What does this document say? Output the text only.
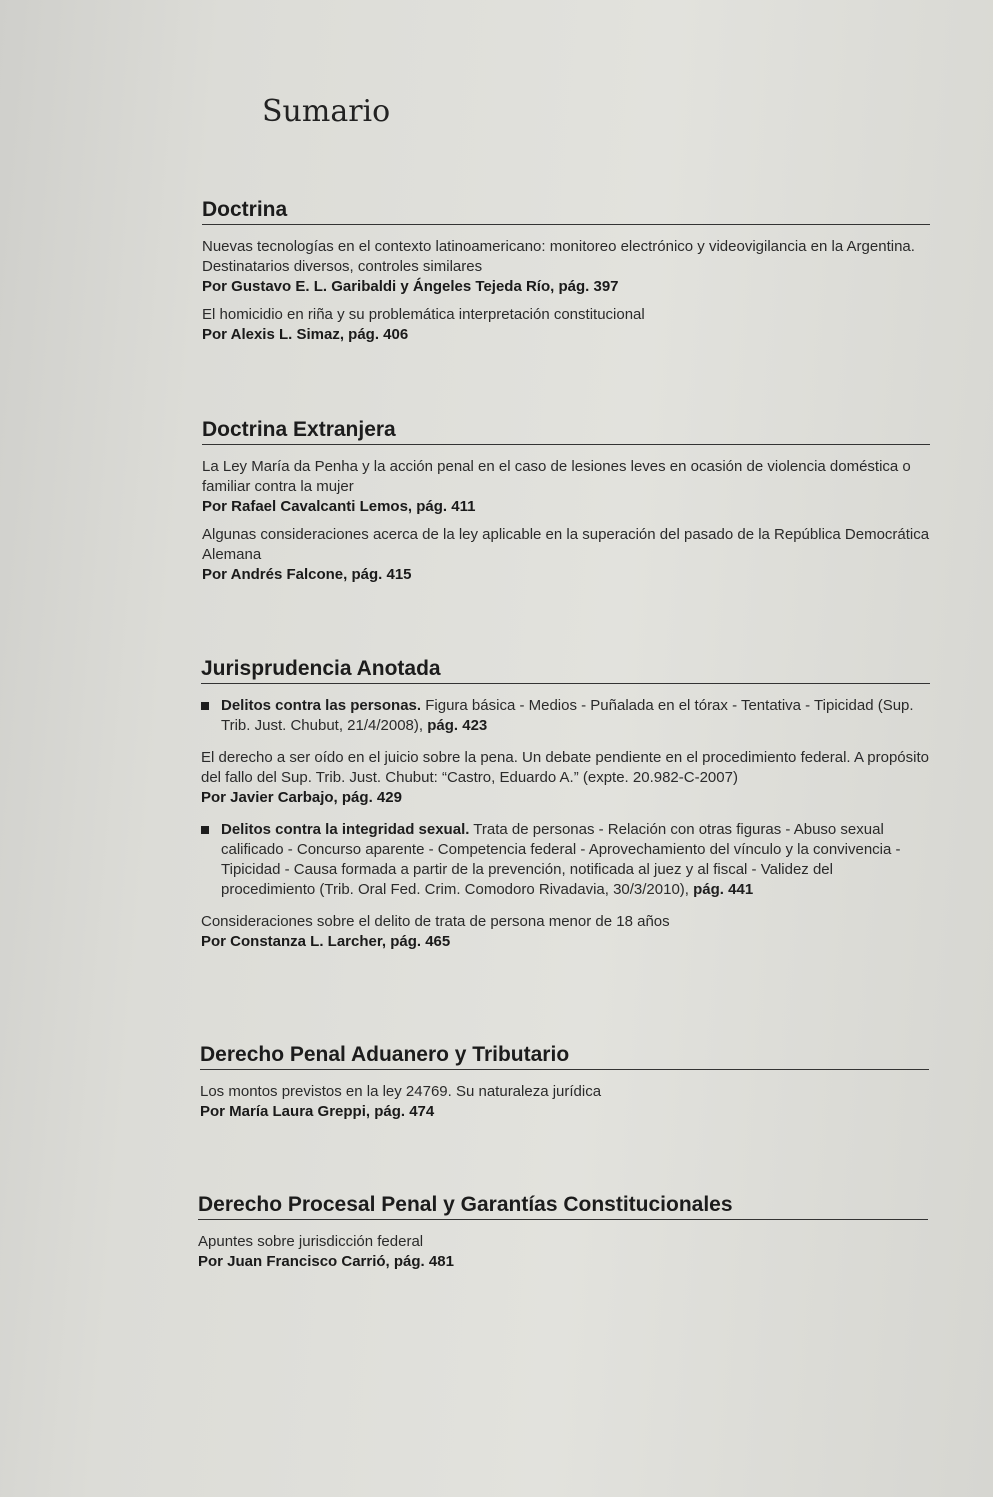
Sumario
Doctrina
Nuevas tecnologías en el contexto latinoamericano: monitoreo electrónico y videovigilancia en la Argentina. Destinatarios diversos, controles similares
Por Gustavo E. L. Garibaldi y Ángeles Tejeda Río, pág. 397
El homicidio en riña y su problemática interpretación constitucional
Por Alexis L. Simaz, pág. 406
Doctrina Extranjera
La Ley María da Penha y la acción penal en el caso de lesiones leves en ocasión de violencia doméstica o familiar contra la mujer
Por Rafael Cavalcanti Lemos, pág. 411
Algunas consideraciones acerca de la ley aplicable en la superación del pasado de la República Democrática Alemana
Por Andrés Falcone, pág. 415
Jurisprudencia Anotada
Delitos contra las personas. Figura básica - Medios - Puñalada en el tórax - Tentativa - Tipicidad (Sup. Trib. Just. Chubut, 21/4/2008), pág. 423
El derecho a ser oído en el juicio sobre la pena. Un debate pendiente en el procedimiento federal. A propósito del fallo del Sup. Trib. Just. Chubut: “Castro, Eduardo A.” (expte. 20.982-C-2007)
Por Javier Carbajo, pág. 429
Delitos contra la integridad sexual. Trata de personas - Relación con otras figuras - Abuso sexual calificado - Concurso aparente - Competencia federal - Aprovechamiento del vínculo y la convivencia - Tipicidad - Causa formada a partir de la prevención, notificada al juez y al fiscal - Validez del procedimiento (Trib. Oral Fed. Crim. Comodoro Rivadavia, 30/3/2010), pág. 441
Consideraciones sobre el delito de trata de persona menor de 18 años
Por Constanza L. Larcher, pág. 465
Derecho Penal Aduanero y Tributario
Los montos previstos en la ley 24769. Su naturaleza jurídica
Por María Laura Greppi, pág. 474
Derecho Procesal Penal y Garantías Constitucionales
Apuntes sobre jurisdicción federal
Por Juan Francisco Carrió, pág. 481
